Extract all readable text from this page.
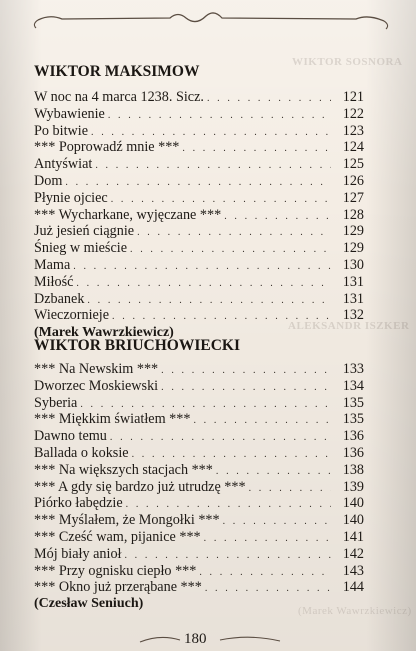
WIKTOR SOSNORA
ALEKSANDR ISZKER
(Marek Wawrzkiewicz)
WIKTOR MAKSIMOW
W noc na 4 marca 1238. Sicz. . . .	121
Wybawienie . . .	122
Po bitwie . . .	123
*** Poprowadź mnie *** . . .	124
Antyświat . . .	125
Dom . . .	126
Płynie ojciec . . .	127
*** Wycharkane, wyjęczane *** . . .	128
Już jesień ciągnie . . .	129
Śnieg w mieście . . .	129
Mama . . .	130
Miłość . . .	131
Dzbanek . . .	131
Wieczornieje . . .	132
(Marek Wawrzkiewicz)
WIKTOR BRIUCHOWIECKI
*** Na Newskim *** . . .	133
Dworzec Moskiewski . . .	134
Syberia . . .	135
*** Miękkim światłem *** . . .	135
Dawno temu . . .	136
Ballada o koksie . . .	136
*** Na większych stacjach *** . . .	138
*** A gdy się bardzo już utrudzę *** . . .	139
Piórko łabędzie . . .	140
*** Myślałem, że Mongołki *** . . .	140
*** Cześć wam, pijanice *** . . .	141
Mój biały anioł . . .	142
*** Przy ognisku ciepło *** . . .	143
*** Okno już przerąbane *** . . .	144
(Czesław Seniuch)
180
